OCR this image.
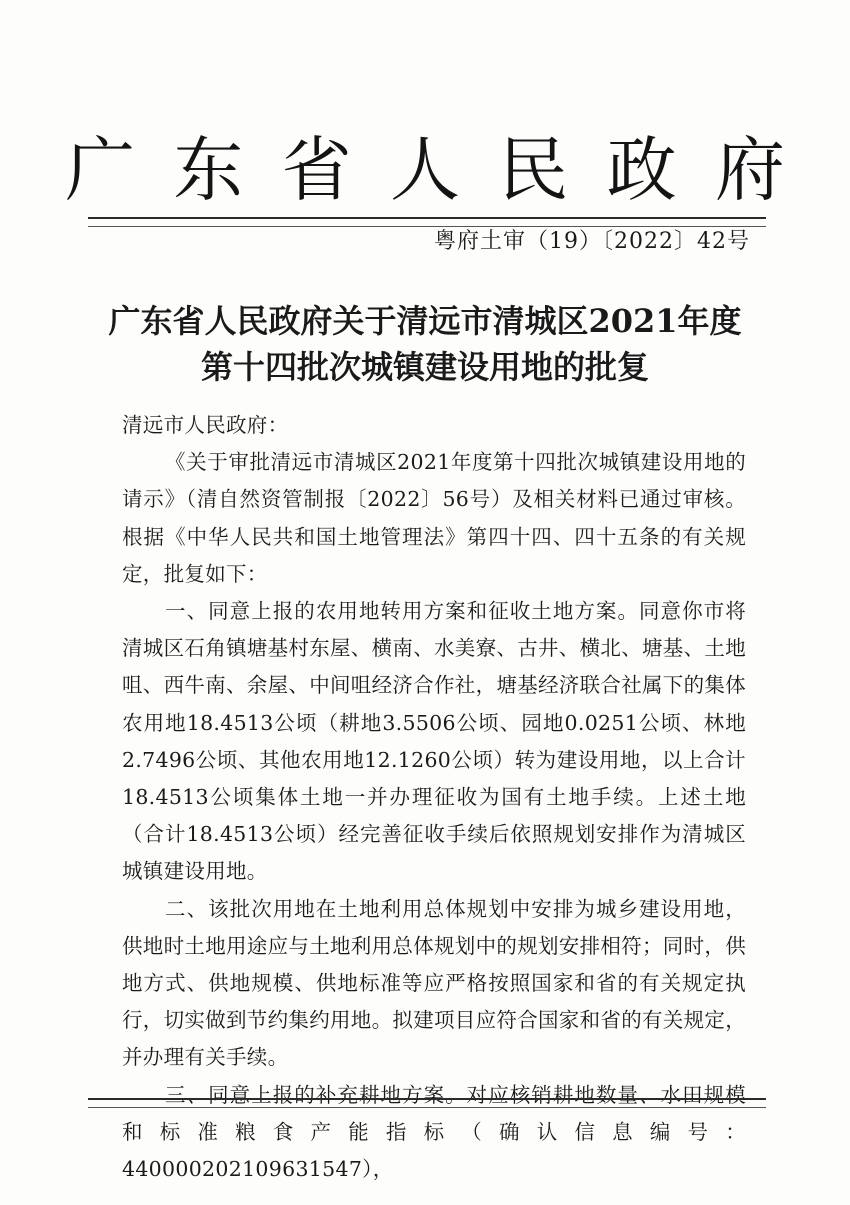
广 东 省 人 民 政 府
粤府土审（19）〔2022〕42号
广东省人民政府关于清远市清城区2021年度
第十四批次城镇建设用地的批复

清远市人民政府：

《关于审批清远市清城区2021年度第十四批次城镇建设用地的请示》（清自然资管制报〔2022〕56号）及相关材料已通过审核。根据《中华人民共和国土地管理法》第四十四、四十五条的有关规定，批复如下：

一、同意上报的农用地转用方案和征收土地方案。同意你市将清城区石角镇塘基村东屋、横南、水美寮、古井、横北、塘基、土地咀、西牛南、余屋、中间咀经济合作社，塘基经济联合社属下的集体农用地18.4513公顷（耕地3.5506公顷、园地0.0251公顷、林地2.7496公顷、其他农用地12.1260公顷）转为建设用地，以上合计18.4513公顷集体土地一并办理征收为国有土地手续。上述土地（合计18.4513公顷）经完善征收手续后依照规划安排作为清城区城镇建设用地。

二、该批次用地在土地利用总体规划中安排为城乡建设用地，供地时土地用途应与土地利用总体规划中的规划安排相符；同时，供地方式、供地规模、供地标准等应严格按照国家和省的有关规定执行，切实做到节约集约用地。拟建项目应符合国家和省的有关规定，并办理有关手续。

三、同意上报的补充耕地方案。对应核销耕地数量、水田规模和标准粮食产能指标（确认信息编号：440000202109631547），
